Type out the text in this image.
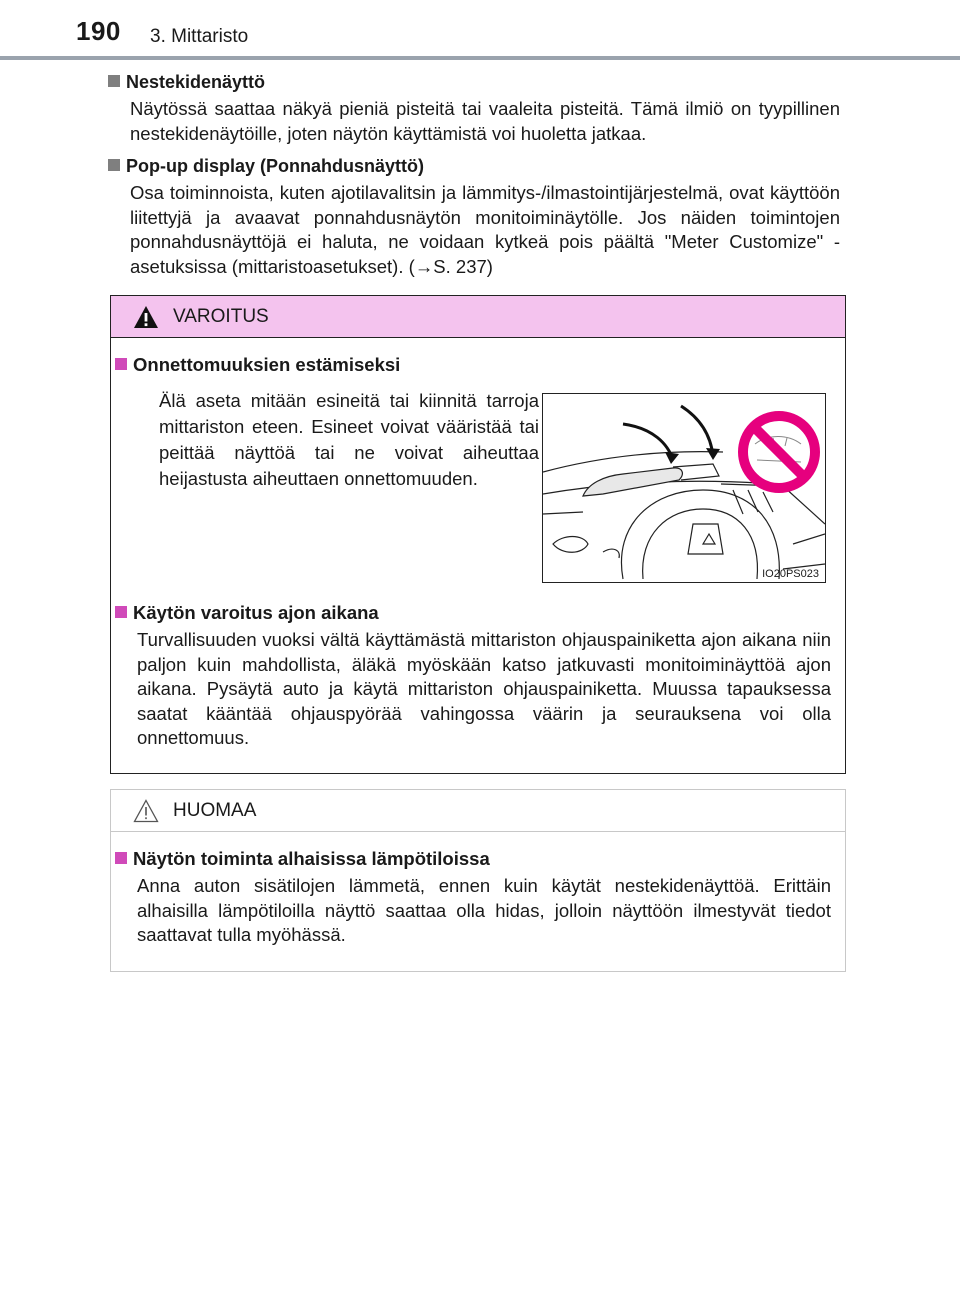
190 3. Mittaristo

Nestekidenäyttö

Näytössä saattaa näkyä pieniä pisteitä tai vaaleita pisteitä. Tämä ilmiö on tyypillinen nestekidenäytöille, joten näytön käyttämistä voi huoletta jatkaa.

Pop-up display (Ponnahdusnäyttö)

Osa toiminnoista, kuten ajotilavalitsin ja lämmitys-/ilmastointijärjestelmä, ovat käyttöön liitettyjä ja avaavat ponnahdusnäytön monitoiminäytölle. Jos näiden toimintojen ponnahdusnäyttöjä ei haluta, ne voidaan kytkeä pois päältä "Meter Customize" -asetuksissa (mittaristoasetukset). (→S. 237)

VAROITUS

Onnettomuuksien estämiseksi

Älä aseta mitään esineitä tai kiinnitä tarroja mittariston eteen. Esineet voivat vääristää tai peittää näyttöä tai ne voivat aiheuttaa heijastusta aiheuttaen onnettomuuden.

IO20PS023

Käytön varoitus ajon aikana

Turvallisuuden vuoksi vältä käyttämästä mittariston ohjauspainiketta ajon aikana niin paljon kuin mahdollista, äläkä myöskään katso jatkuvasti monitoiminäyttöä ajon aikana. Pysäytä auto ja käytä mittariston ohjauspainiketta. Muussa tapauksessa saatat kääntää ohjauspyörää vahingossa väärin ja seurauksena voi olla onnettomuus.

HUOMAA

Näytön toiminta alhaisissa lämpötiloissa

Anna auton sisätilojen lämmetä, ennen kuin käytät nestekidenäyttöä. Erittäin alhaisilla lämpötiloilla näyttö saattaa olla hidas, jolloin näyttöön ilmestyvät tiedot saattavat tulla myöhässä.
